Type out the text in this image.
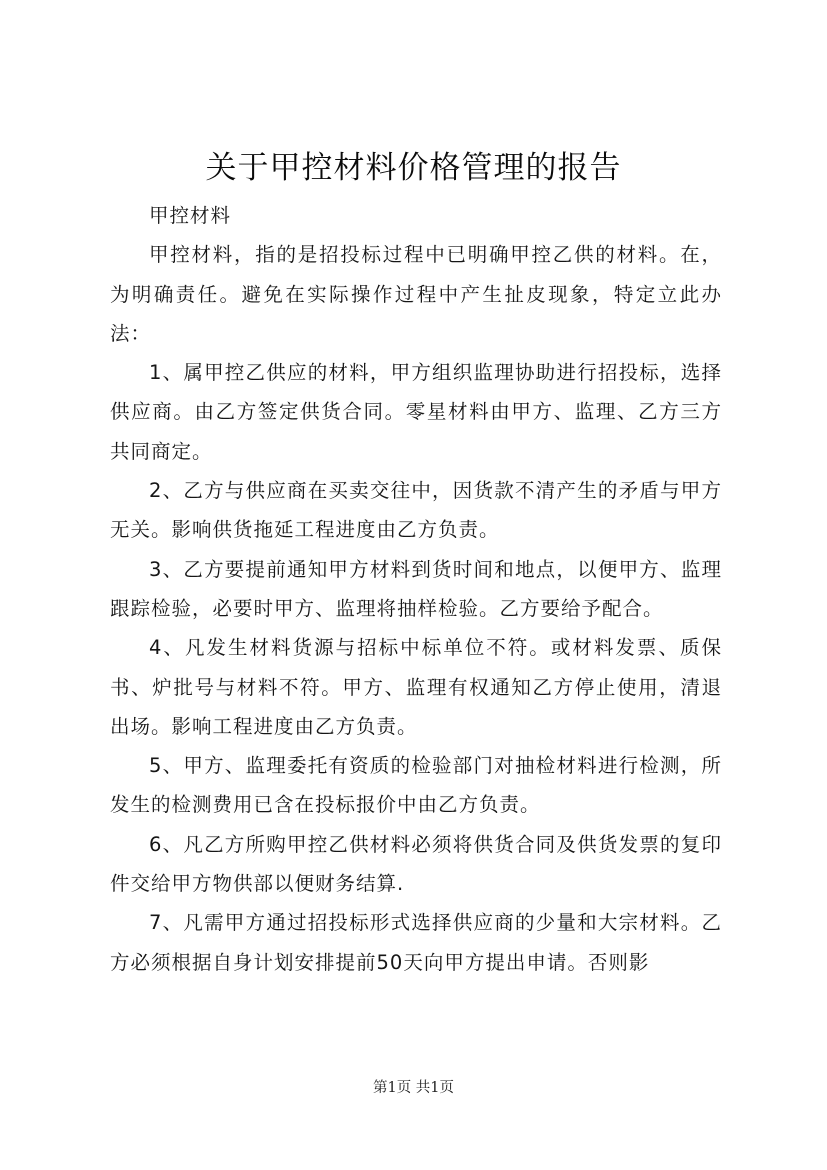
关于甲控材料价格管理的报告

甲控材料

甲控材料，指的是招投标过程中已明确甲控乙供的材料。在，为明确责任。避免在实际操作过程中产生扯皮现象，特定立此办法：

1、属甲控乙供应的材料，甲方组织监理协助进行招投标，选择供应商。由乙方签定供货合同。零星材料由甲方、监理、乙方三方共同商定。

2、乙方与供应商在买卖交往中，因货款不清产生的矛盾与甲方无关。影响供货拖延工程进度由乙方负责。

3、乙方要提前通知甲方材料到货时间和地点，以便甲方、监理跟踪检验，必要时甲方、监理将抽样检验。乙方要给予配合。

4、凡发生材料货源与招标中标单位不符。或材料发票、质保书、炉批号与材料不符。甲方、监理有权通知乙方停止使用，清退出场。影响工程进度由乙方负责。

5、甲方、监理委托有资质的检验部门对抽检材料进行检测，所发生的检测费用已含在投标报价中由乙方负责。

6、凡乙方所购甲控乙供材料必须将供货合同及供货发票的复印件交给甲方物供部以便财务结算.

7、凡需甲方通过招投标形式选择供应商的少量和大宗材料。乙方必须根据自身计划安排提前50天向甲方提出申请。否则影

第1页 共1页
